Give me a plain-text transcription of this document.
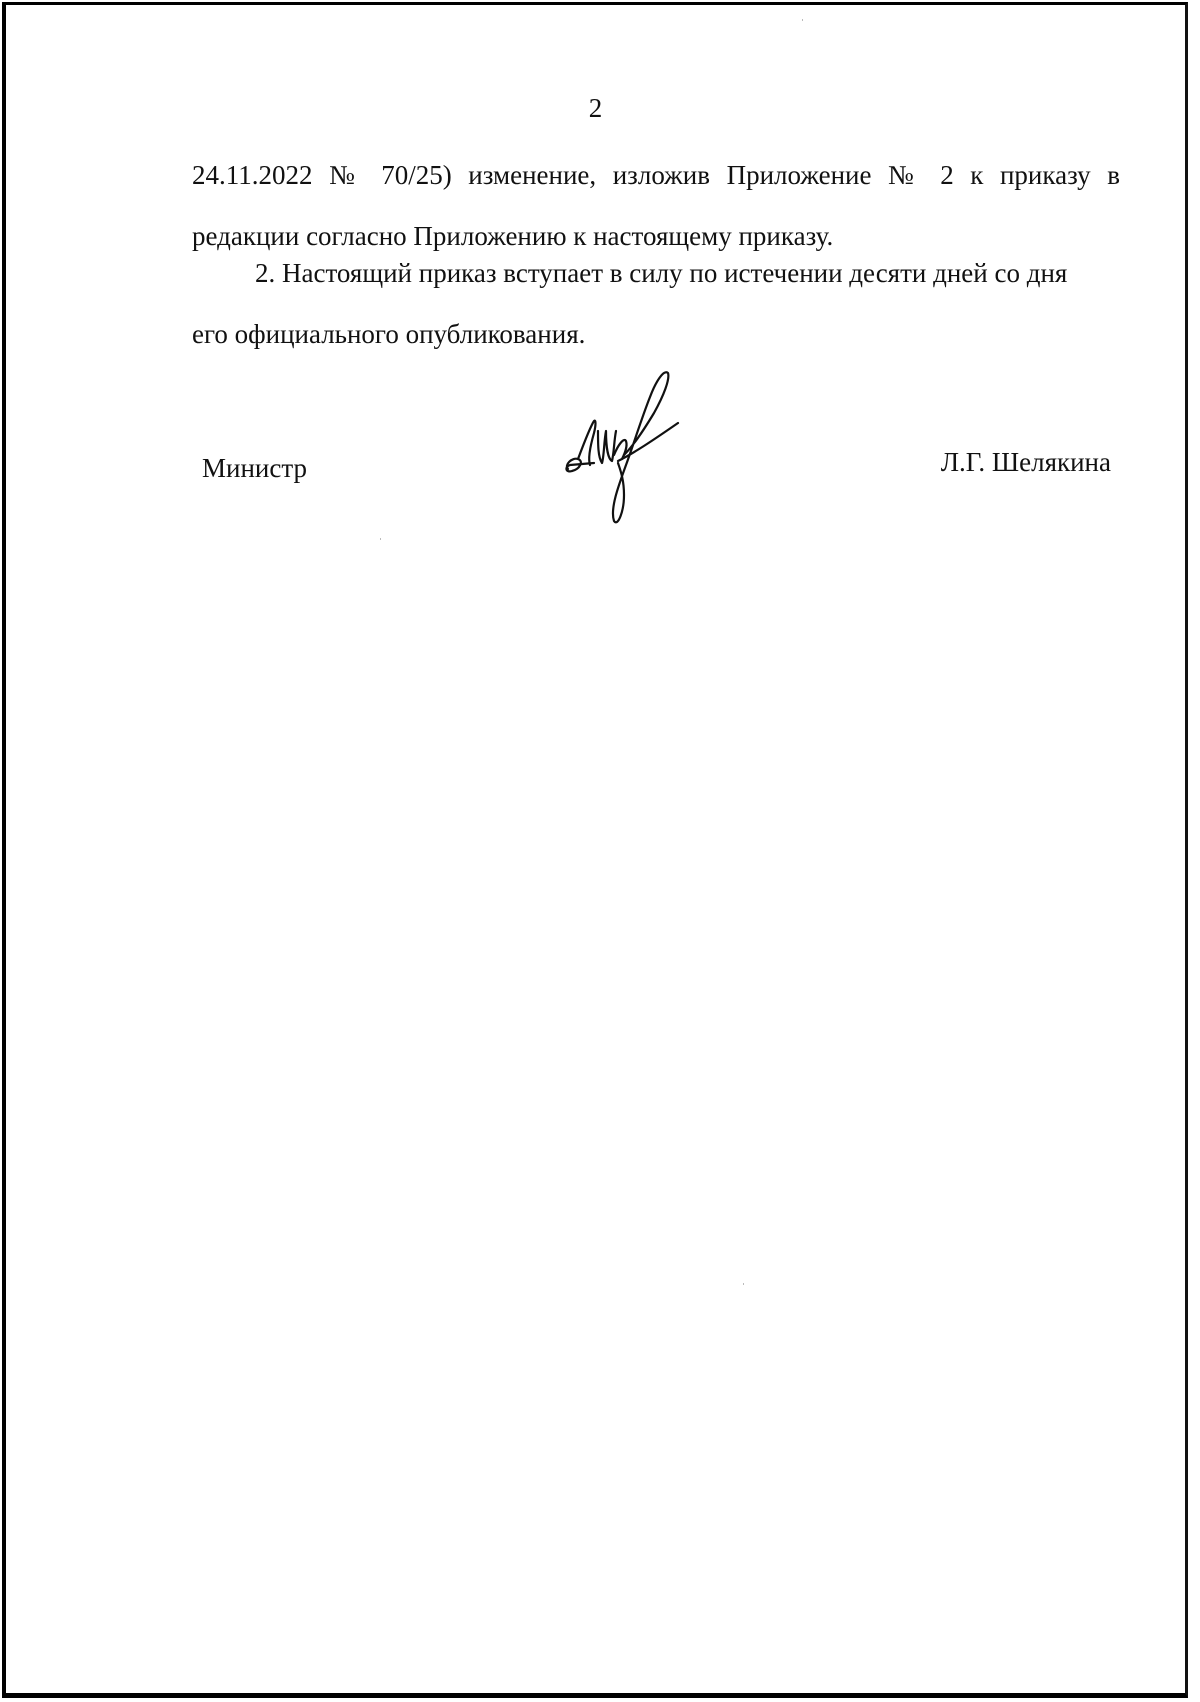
2
24.11.2022 № 70/25) изменение, изложив Приложение № 2 к приказу в
редакции согласно Приложению к настоящему приказу.
2. Настоящий приказ вступает в силу по истечении десяти дней со дня
его официального опубликования.
Министр	Л.Г. Шелякина
